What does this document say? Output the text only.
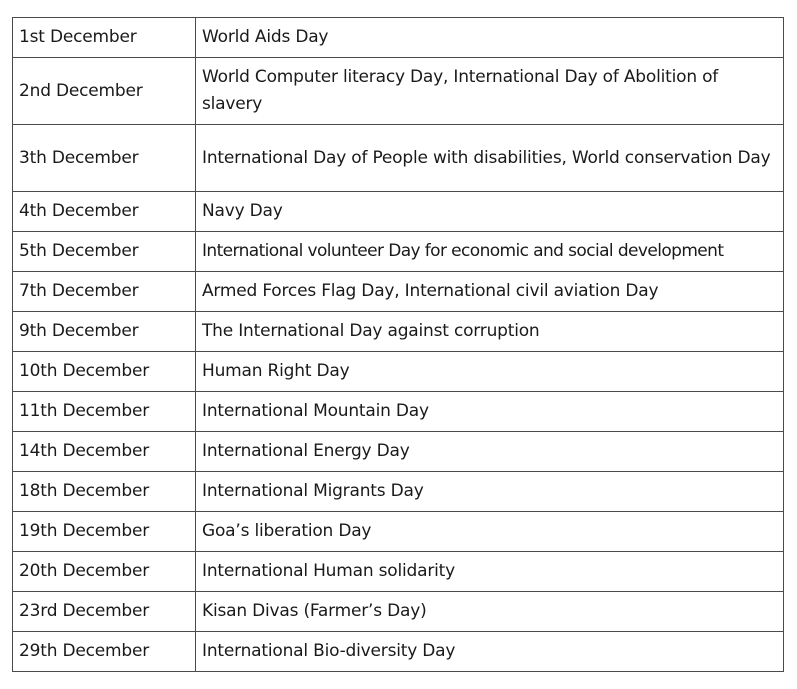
1st December	World Aids Day
2nd December	World Computer literacy Day, International Day of Abolition of slavery
3th December	International Day of People with disabilities, World conservation Day
4th December	Navy Day
5th December	International volunteer Day for economic and social development
7th December	Armed Forces Flag Day, International civil aviation Day
9th December	The International Day against corruption
10th December	Human Right Day
11th December	International Mountain Day
14th December	International Energy Day
18th December	International Migrants Day
19th December	Goa’s liberation Day
20th December	International Human solidarity
23rd December	Kisan Divas (Farmer’s Day)
29th December	International Bio-diversity Day
